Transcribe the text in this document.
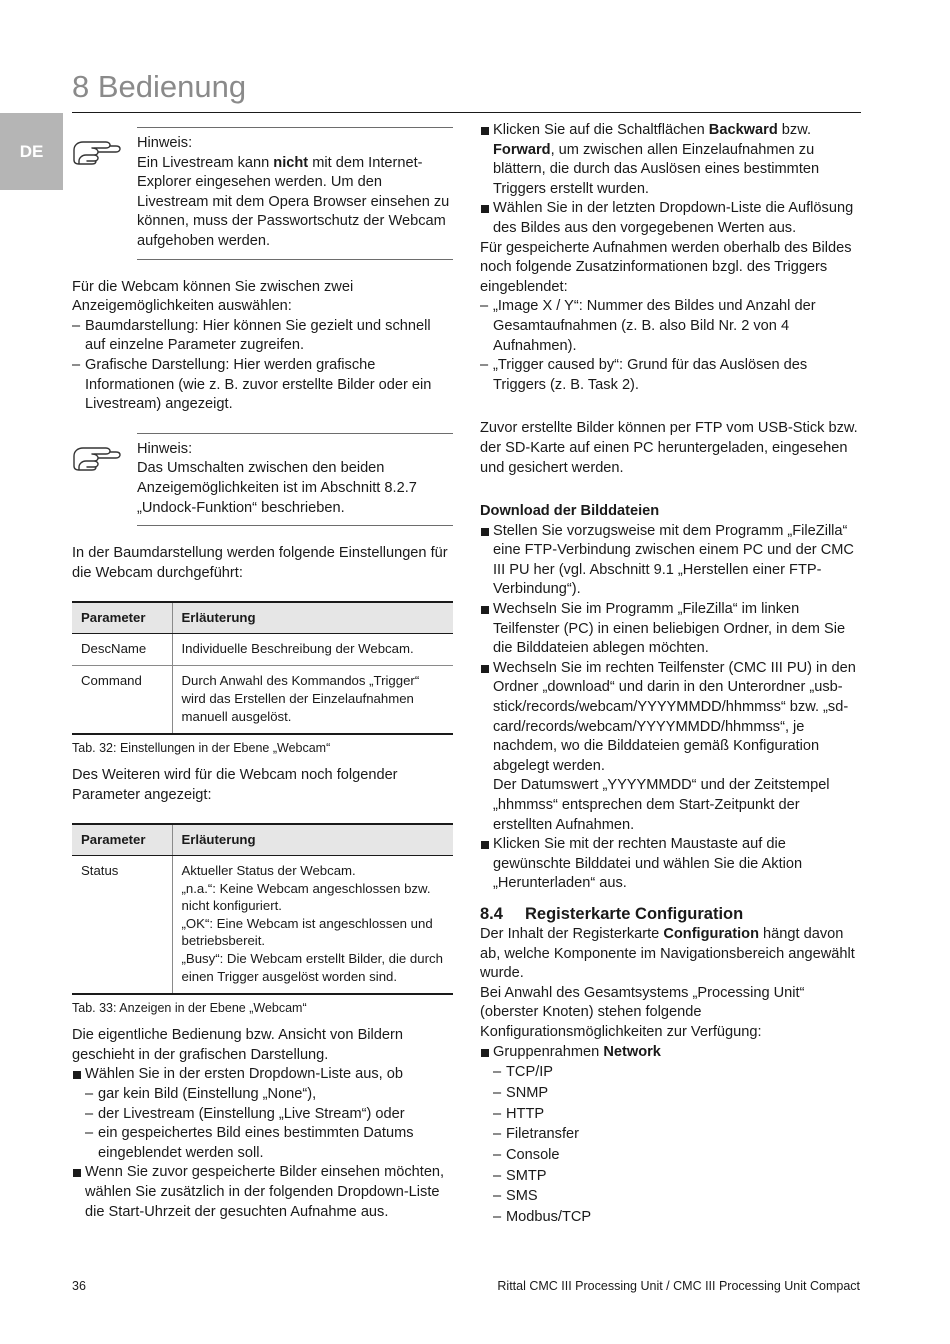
8 Bedienung
DE	Hinweis:

Ein Livestream kann nicht mit dem Internet-Explorer eingesehen werden. Um den Livestream mit dem Opera Browser einsehen zu können, muss der Passwortschutz der Webcam aufgehoben werden.

Für die Webcam können Sie zwischen zwei Anzeigemöglichkeiten auswählen:

– Baumdarstellung: Hier können Sie gezielt und schnell auf einzelne Parameter zugreifen.
– Grafische Darstellung: Hier werden grafische Informationen (wie z. B. zuvor erstellte Bilder oder ein Livestream) angezeigt.

Hinweis:

Das Umschalten zwischen den beiden Anzeigemöglichkeiten ist im Abschnitt 8.2.7 „Undock-Funktion“ beschrieben.

In der Baumdarstellung werden folgende Einstellungen für die Webcam durchgeführt:

Parameter	Erläuterung
DescName	Individuelle Beschreibung der Webcam.
Command	Durch Anwahl des Kommandos „Trigger“ wird das Erstellen der Einzelaufnahmen manuell ausgelöst.

Tab. 32: Einstellungen in der Ebene „Webcam“

Des Weiteren wird für die Webcam noch folgender Parameter angezeigt:

Parameter	Erläuterung
Status	Aktueller Status der Webcam.
„n.a.“: Keine Webcam angeschlossen bzw. nicht konfiguriert.
„OK“: Eine Webcam ist angeschlossen und betriebsbereit.
„Busy“: Die Webcam erstellt Bilder, die durch einen Trigger ausgelöst worden sind.

Tab. 33: Anzeigen in der Ebene „Webcam“

Die eigentliche Bedienung bzw. Ansicht von Bildern geschieht in der grafischen Darstellung.

Wählen Sie in der ersten Dropdown-Liste aus, ob
– gar kein Bild (Einstellung „None“),
– der Livestream (Einstellung „Live Stream“) oder
– ein gespeichertes Bild eines bestimmten Datums eingeblendet werden soll.
Wenn Sie zuvor gespeicherte Bilder einsehen möchten, wählen Sie zusätzlich in der folgenden Dropdown-Liste die Start-Uhrzeit der gesuchten Aufnahme aus.
Klicken Sie auf die Schaltflächen Backward bzw. Forward, um zwischen allen Einzelaufnahmen zu blättern, die durch das Auslösen eines bestimmten Triggers erstellt wurden.
Wählen Sie in der letzten Dropdown-Liste die Auflösung des Bildes aus den vorgegebenen Werten aus.

Für gespeicherte Aufnahmen werden oberhalb des Bildes noch folgende Zusatzinformationen bzgl. des Triggers eingeblendet:

– „Image X / Y“: Nummer des Bildes und Anzahl der Gesamtaufnahmen (z. B. also Bild Nr. 2 von 4 Aufnahmen).
– „Trigger caused by“: Grund für das Auslösen des Triggers (z. B. Task 2).

Zuvor erstellte Bilder können per FTP vom USB-Stick bzw. der SD-Karte auf einen PC heruntergeladen, eingesehen und gesichert werden.

Download der Bilddateien
Stellen Sie vorzugsweise mit dem Programm „FileZilla“ eine FTP-Verbindung zwischen einem PC und der CMC III PU her (vgl. Abschnitt 9.1 „Herstellen einer FTP-Verbindung“).
Wechseln Sie im Programm „FileZilla“ im linken Teilfenster (PC) in einen beliebigen Ordner, in dem Sie die Bilddateien ablegen möchten.
Wechseln Sie im rechten Teilfenster (CMC III PU) in den Ordner „download“ und darin in den Unterordner „usb-stick/records/webcam/YYYYMMDD/hhmmss“ bzw. „sd-card/records/webcam/YYYYMMDD/hhmmss“, je nachdem, wo die Bilddateien gemäß Konfiguration abgelegt werden.
Der Datumswert „YYYYMMDD“ und der Zeitstempel „hhmmss“ entsprechen dem Start-Zeitpunkt der erstellten Aufnahmen.
Klicken Sie mit der rechten Maustaste auf die gewünschte Bilddatei und wählen Sie die Aktion „Herunterladen“ aus.
8.4 Registerkarte Configuration

Der Inhalt der Registerkarte Configuration hängt davon ab, welche Komponente im Navigationsbereich angewählt wurde.

Bei Anwahl des Gesamtsystems „Processing Unit“ (oberster Knoten) stehen folgende Konfigurationsmöglichkeiten zur Verfügung:

Gruppenrahmen Network
– TCP/IP
– SNMP
– HTTP
– Filetransfer
– Console
– SMTP
– SMS
– Modbus/TCP
36	Rittal CMC III Processing Unit / CMC III Processing Unit Compact
